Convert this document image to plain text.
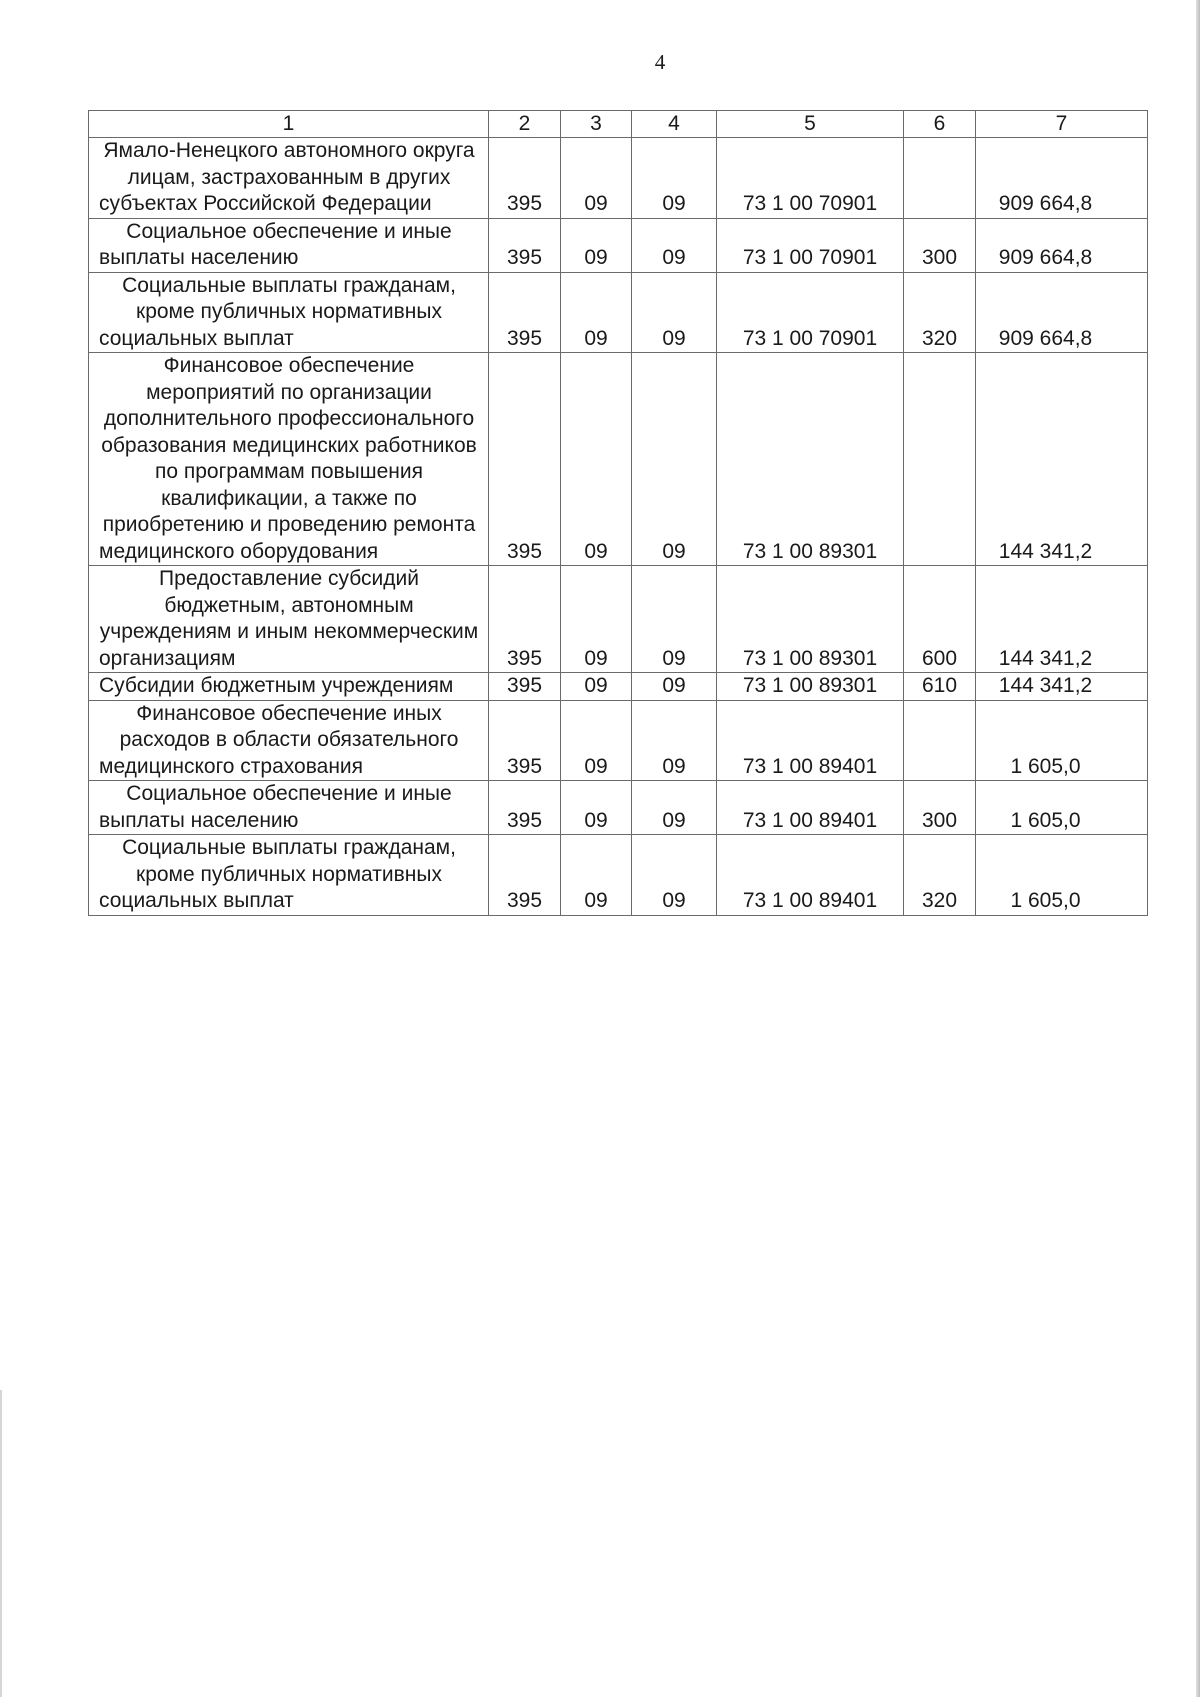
4
1	2	3	4	5	6	7
Ямало-Ненецкого автономного округа лицам, застрахованным в других субъектах Российской Федерации	395	09	09	73 1 00 70901		909 664,8
Социальное обеспечение и иные выплаты населению	395	09	09	73 1 00 70901	300	909 664,8
Социальные выплаты гражданам, кроме публичных нормативных социальных выплат	395	09	09	73 1 00 70901	320	909 664,8
Финансовое обеспечение мероприятий по организации дополнительного профессионального образования медицинских работников по программам повышения квалификации, а также по приобретению и проведению ремонта медицинского оборудования	395	09	09	73 1 00 89301		144 341,2
Предоставление субсидий бюджетным, автономным учреждениям и иным некоммерческим организациям	395	09	09	73 1 00 89301	600	144 341,2
Субсидии бюджетным учреждениям	395	09	09	73 1 00 89301	610	144 341,2
Финансовое обеспечение иных расходов в области обязательного медицинского страхования	395	09	09	73 1 00 89401		1 605,0
Социальное обеспечение и иные выплаты населению	395	09	09	73 1 00 89401	300	1 605,0
Социальные выплаты гражданам, кроме публичных нормативных социальных выплат	395	09	09	73 1 00 89401	320	1 605,0
